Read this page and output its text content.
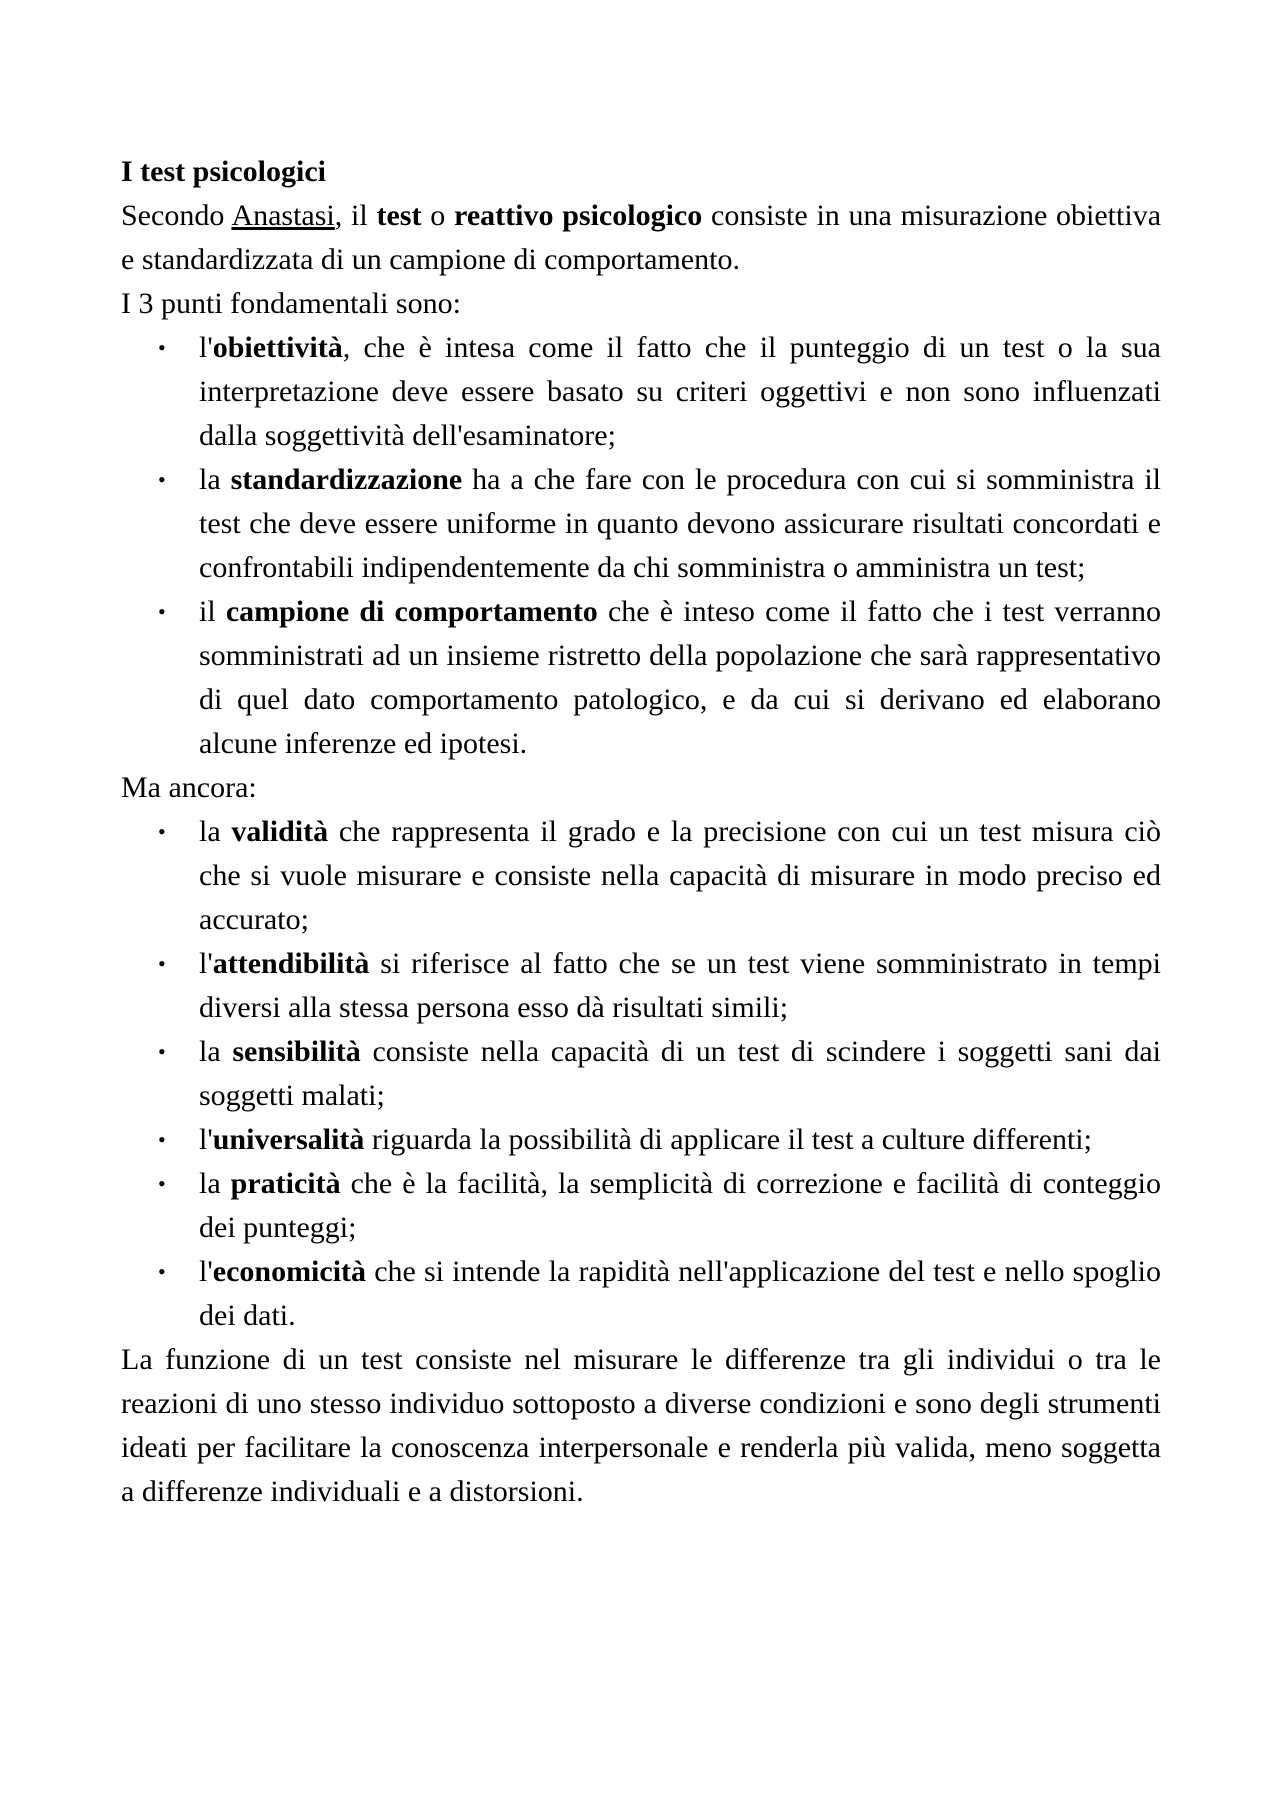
I test psicologici

Secondo Anastasi, il test o reattivo psicologico consiste in una misurazione obiettiva e standardizzata di un campione di comportamento.

I 3 punti fondamentali sono:

• l'obiettività, che è intesa come il fatto che il punteggio di un test o la sua interpretazione deve essere basato su criteri oggettivi e non sono influenzati dalla soggettività dell'esaminatore;
• la standardizzazione ha a che fare con le procedura con cui si somministra il test che deve essere uniforme in quanto devono assicurare risultati concordati e confrontabili indipendentemente da chi somministra o amministra un test;
• il campione di comportamento che è inteso come il fatto che i test verranno somministrati ad un insieme ristretto della popolazione che sarà rappresentativo di quel dato comportamento patologico, e da cui si derivano ed elaborano alcune inferenze ed ipotesi.

Ma ancora:

• la validità che rappresenta il grado e la precisione con cui un test misura ciò che si vuole misurare e consiste nella capacità di misurare in modo preciso ed accurato;
• l'attendibilità si riferisce al fatto che se un test viene somministrato in tempi diversi alla stessa persona esso dà risultati simili;
• la sensibilità consiste nella capacità di un test di scindere i soggetti sani dai soggetti malati;
• l'universalità riguarda la possibilità di applicare il test a culture differenti;
• la praticità che è la facilità, la semplicità di correzione e facilità di conteggio dei punteggi;
• l'economicità che si intende la rapidità nell'applicazione del test e nello spoglio dei dati.

La funzione di un test consiste nel misurare le differenze tra gli individui o tra le reazioni di uno stesso individuo sottoposto a diverse condizioni e sono degli strumenti ideati per facilitare la conoscenza interpersonale e renderla più valida, meno soggetta a differenze individuali e a distorsioni.
